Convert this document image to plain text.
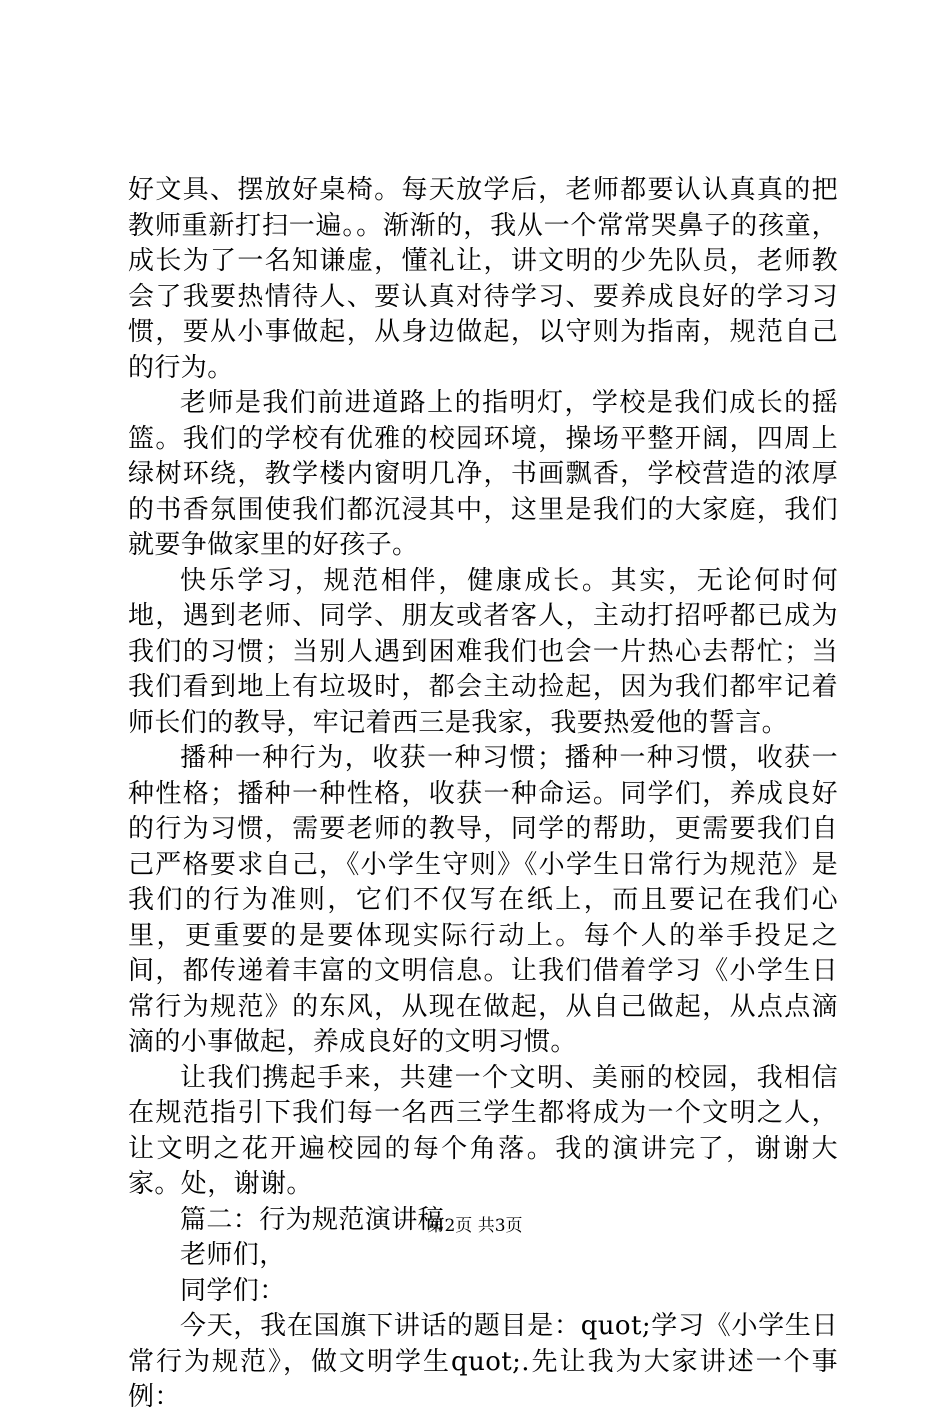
好文具、摆放好桌椅。每天放学后，老师都要认认真真的把教师重新打扫一遍。。渐渐的，我从一个常常哭鼻子的孩童，成长为了一名知谦虚，懂礼让，讲文明的少先队员，老师教会了我要热情待人、要认真对待学习、要养成良好的学习习惯，要从小事做起，从身边做起，以守则为指南，规范自己的行为。

老师是我们前进道路上的指明灯，学校是我们成长的摇篮。我们的学校有优雅的校园环境，操场平整开阔，四周上绿树环绕，教学楼内窗明几净，书画飘香，学校营造的浓厚的书香氛围使我们都沉浸其中，这里是我们的大家庭，我们就要争做家里的好孩子。

快乐学习，规范相伴，健康成长。其实，无论何时何地，遇到老师、同学、朋友或者客人，主动打招呼都已成为我们的习惯；当别人遇到困难我们也会一片热心去帮忙；当我们看到地上有垃圾时，都会主动捡起，因为我们都牢记着师长们的教导，牢记着西三是我家，我要热爱他的誓言。

播种一种行为，收获一种习惯；播种一种习惯，收获一种性格；播种一种性格，收获一种命运。同学们，养成良好的行为习惯，需要老师的教导，同学的帮助，更需要我们自己严格要求自己，《小学生守则》《小学生日常行为规范》是我们的行为准则，它们不仅写在纸上，而且要记在我们心里，更重要的是要体现实际行动上。每个人的举手投足之间，都传递着丰富的文明信息。让我们借着学习《小学生日常行为规范》的东风，从现在做起，从自己做起，从点点滴滴的小事做起，养成良好的文明习惯。

让我们携起手来，共建一个文明、美丽的校园，我相信在规范指引下我们每一名西三学生都将成为一个文明之人，让文明之花开遍校园的每个角落。我的演讲完了，谢谢大家。处，谢谢。

篇二：行为规范演讲稿

老师们，

同学们：

今天，我在国旗下讲话的题目是：quot;学习《小学生日常行为规范》，做文明学生quot;.先让我为大家讲述一个事例：

第2页 共3页
